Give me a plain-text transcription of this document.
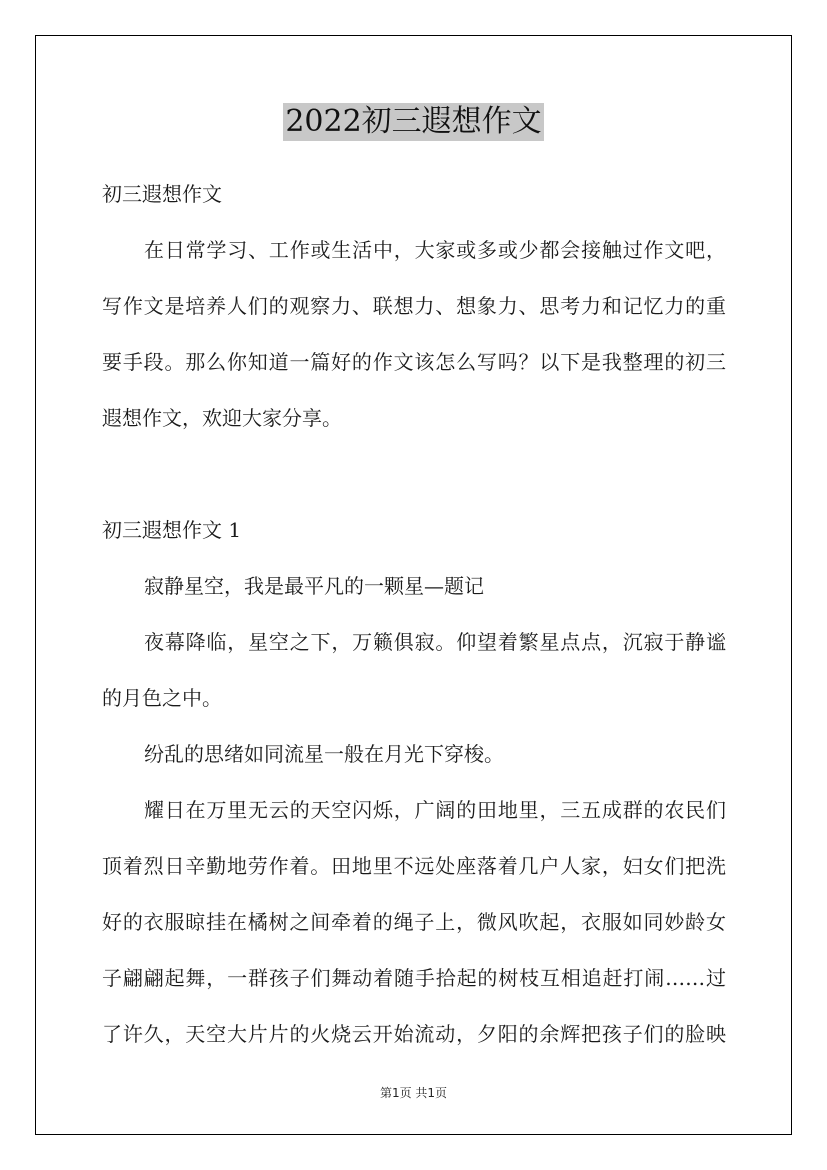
2022初三遐想作文
初三遐想作文
在日常学习、工作或生活中，大家或多或少都会接触过作文吧，
写作文是培养人们的观察力、联想力、想象力、思考力和记忆力的重
要手段。那么你知道一篇好的作文该怎么写吗？以下是我整理的初三
遐想作文，欢迎大家分享。
初三遐想作文 1
寂静星空，我是最平凡的一颗星—题记
夜幕降临，星空之下，万籁俱寂。仰望着繁星点点，沉寂于静谧
的月色之中。
纷乱的思绪如同流星一般在月光下穿梭。
耀日在万里无云的天空闪烁，广阔的田地里，三五成群的农民们
顶着烈日辛勤地劳作着。田地里不远处座落着几户人家，妇女们把洗
好的衣服晾挂在橘树之间牵着的绳子上，微风吹起，衣服如同妙龄女
子翩翩起舞，一群孩子们舞动着随手拾起的树枝互相追赶打闹……过
了许久，天空大片片的火烧云开始流动，夕阳的余辉把孩子们的脸映
第1页 共1页
